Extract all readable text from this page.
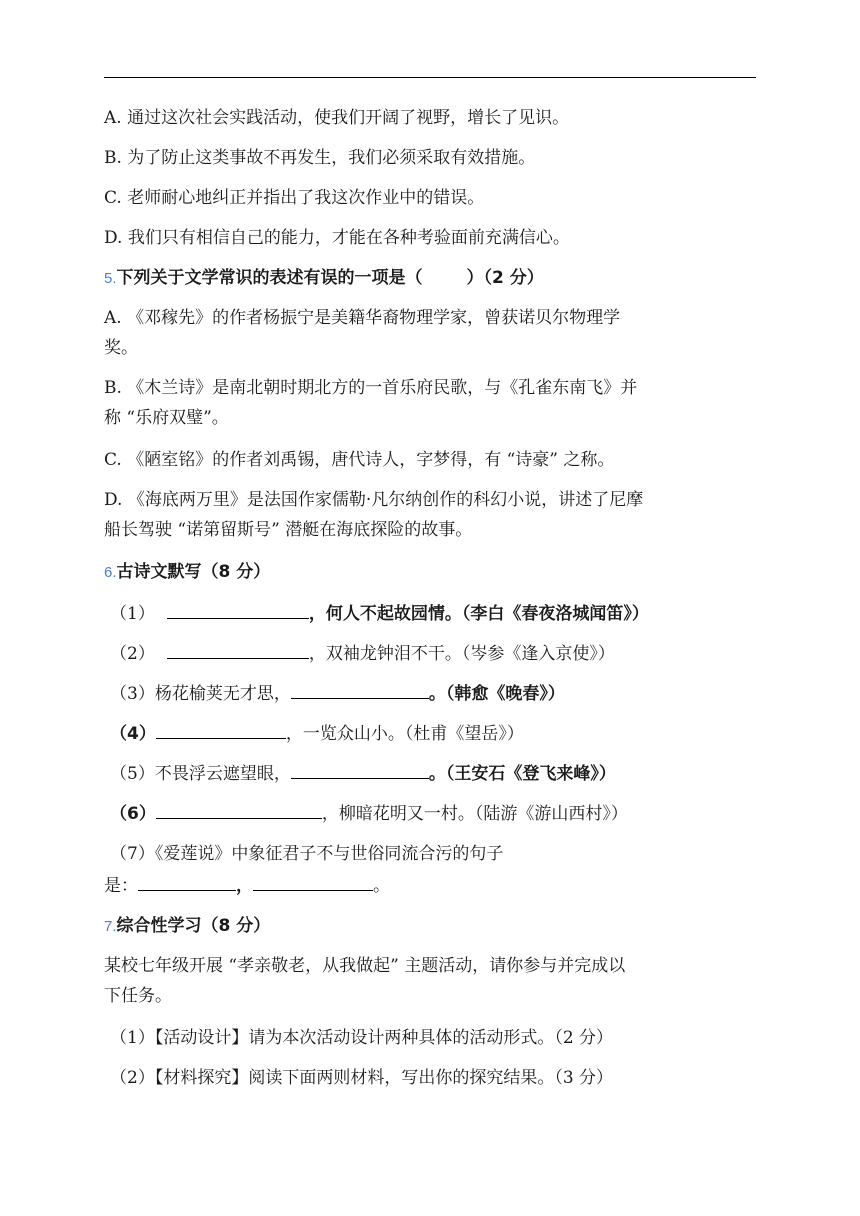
A. 通过这次社会实践活动，使我们开阔了视野，增长了见识。
B. 为了防止这类事故不再发生，我们必须采取有效措施。
C. 老师耐心地纠正并指出了我这次作业中的错误。
D. 我们只有相信自己的能力，才能在各种考验面前充满信心。
5.下列关于文学常识的表述有误的一项是（	）（2 分）
A. 《邓稼先》的作者杨振宁是美籍华裔物理学家，曾获诺贝尔物理学
奖。
B. 《木兰诗》是南北朝时期北方的一首乐府民歌，与《孔雀东南飞》并
称 “乐府双璧”。
C. 《陋室铭》的作者刘禹锡，唐代诗人，字梦得，有 “诗豪” 之称。
D. 《海底两万里》是法国作家儒勒·凡尔纳创作的科幻小说，讲述了尼摩
船长驾驶 “诺第留斯号” 潜艇在海底探险的故事。
6.古诗文默写（8 分）
（1）	，何人不起故园情。（李白《春夜洛城闻笛》）
（2）	，双袖龙钟泪不干。（岑参《逢入京使》）
（3）杨花榆荚无才思，	。（韩愈《晚春》）
（4）	，一览众山小。（杜甫《望岳》）
（5）不畏浮云遮望眼，	。（王安石《登飞来峰》）
（6）	，柳暗花明又一村。（陆游《游山西村》）
（7）《爱莲说》中象征君子不与世俗同流合污的句子
是：	，	。
7.综合性学习（8 分）
某校七年级开展 “孝亲敬老，从我做起” 主题活动，请你参与并完成以
下任务。
（1）【活动设计】请为本次活动设计两种具体的活动形式。（2 分）
（2）【材料探究】阅读下面两则材料，写出你的探究结果。（3 分）
